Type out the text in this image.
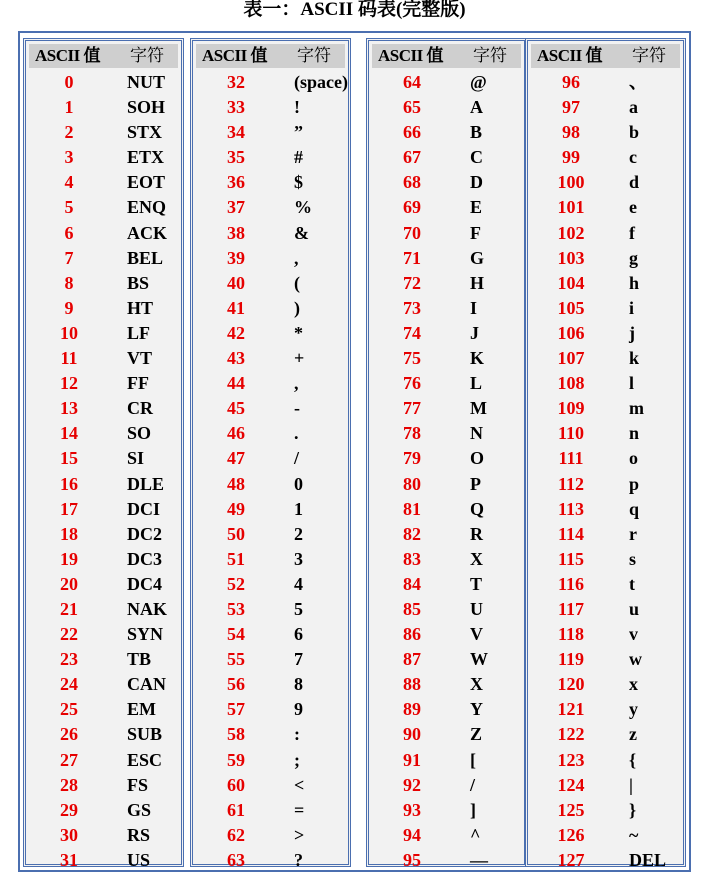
表一：ASCII 码表(完整版)
ASCII 值 字符
0	NUT
1	SOH
2	STX
3	ETX
4	EOT
5	ENQ
6	ACK
7	BEL
8	BS
9	HT
10	LF
11	VT
12	FF
13	CR
14	SO
15	SI
16	DLE
17	DCI
18	DC2
19	DC3
20	DC4
21	NAK
22	SYN
23	TB
24	CAN
25	EM
26	SUB
27	ESC
28	FS
29	GS
30	RS
31	US
ASCII 值 字符
32	(space)
33	!
34	”
35	#
36	$
37	%
38	&
39	,
40	(
41	)
42	*
43	+
44	,
45	-
46	.
47	/
48	0
49	1
50	2
51	3
52	4
53	5
54	6
55	7
56	8
57	9
58	:
59	;
60	<
61	=
62	>
63	?
ASCII 值 字符
64	@
65	A
66	B
67	C
68	D
69	E
70	F
71	G
72	H
73	I
74	J
75	K
76	L
77	M
78	N
79	O
80	P
81	Q
82	R
83	X
84	T
85	U
86	V
87	W
88	X
89	Y
90	Z
91	[
92	/
93	]
94	^
95	—
ASCII 值 字符
96	、
97	a
98	b
99	c
100	d
101	e
102	f
103	g
104	h
105	i
106	j
107	k
108	l
109	m
110	n
111	o
112	p
113	q
114	r
115	s
116	t
117	u
118	v
119	w
120	x
121	y
122	z
123	{
124	|
125	}
126	~
127	DEL
